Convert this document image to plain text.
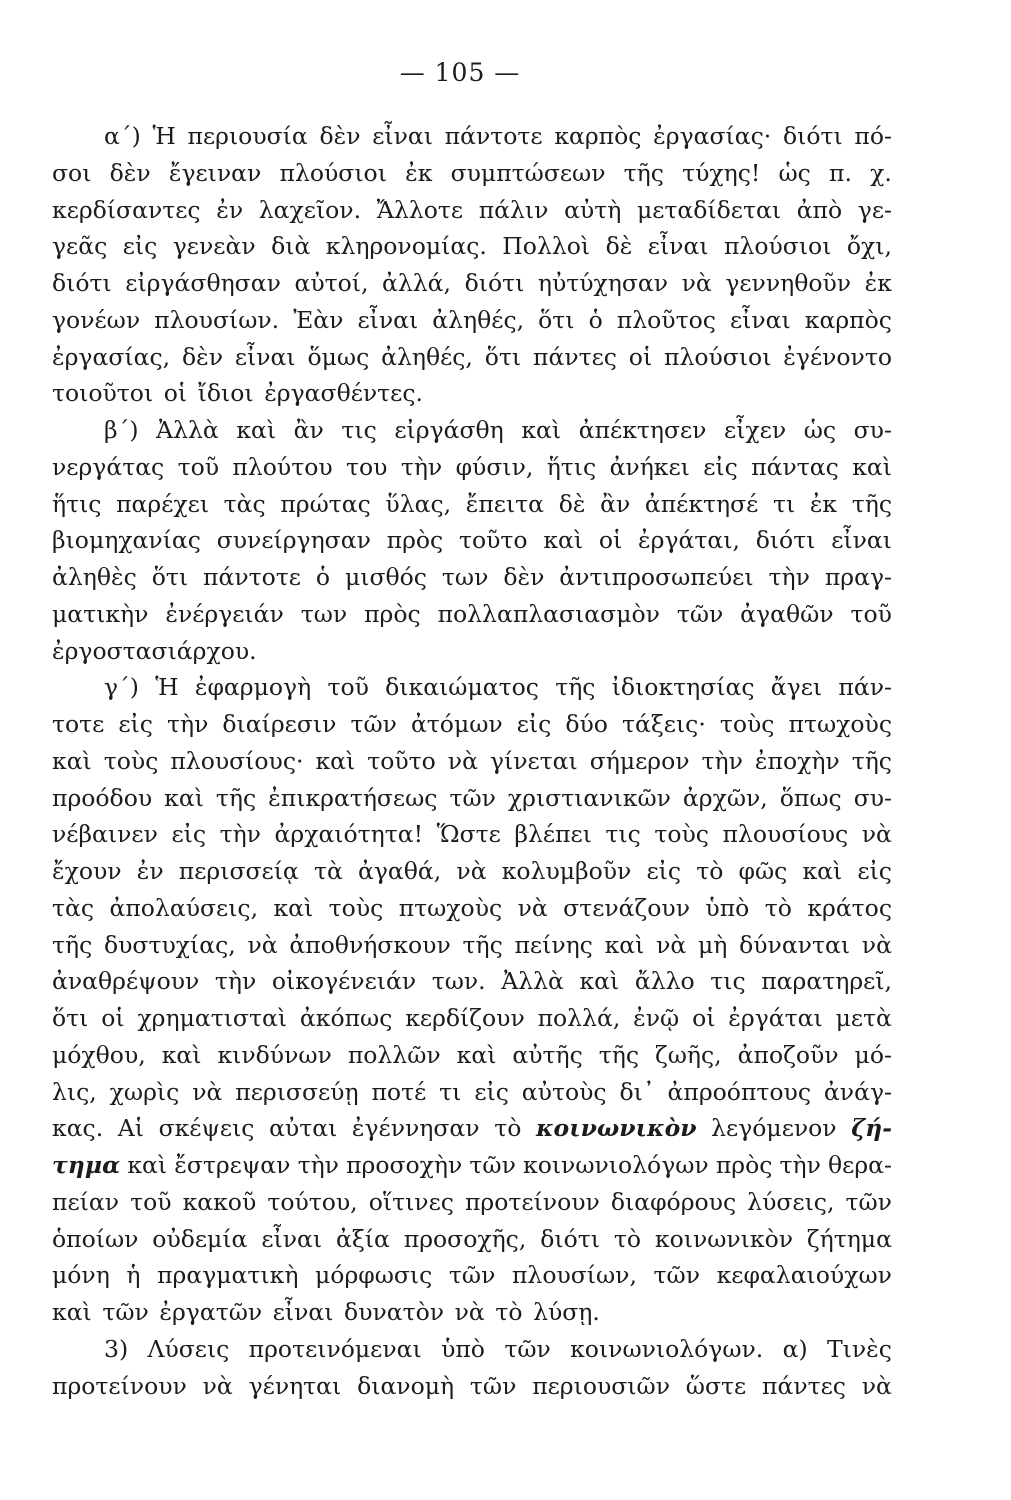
— 105 —
α΄) Ἡ περιουσία δὲν εἶναι πάντοτε καρπὸς ἐργασίας· διότι πό-
σοι δὲν ἔγειναν πλούσιοι ἐκ συμπτώσεων τῆς τύχης! ὡς π. χ.
κερδίσαντες ἐν λαχεῖον. Ἄλλοτε πάλιν αὐτὴ μεταδίδεται ἀπὸ γε-
γεᾶς εἰς γενεὰν διὰ κληρονομίας. Πολλοὶ δὲ εἶναι πλούσιοι ὄχι,
διότι εἰργάσθησαν αὐτοί, ἀλλά, διότι ηὐτύχησαν νὰ γεννηθοῦν ἐκ
γονέων πλουσίων. Ἐὰν εἶναι ἀληθές, ὅτι ὁ πλοῦτος εἶναι καρπὸς
ἐργασίας, δὲν εἶναι ὅμως ἀληθές, ὅτι πάντες οἱ πλούσιοι ἐγένοντο
τοιοῦτοι οἱ ἴδιοι ἐργασθέντες.
β΄) Ἀλλὰ καὶ ἂν τις εἰργάσθη καὶ ἀπέκτησεν εἶχεν ὡς συ-
νεργάτας τοῦ πλούτου του τὴν φύσιν, ἥτις ἀνήκει εἰς πάντας καὶ
ἥτις παρέχει τὰς πρώτας ὕλας, ἔπειτα δὲ ἂν ἀπέκτησέ τι ἐκ τῆς
βιομηχανίας συνείργησαν πρὸς τοῦτο καὶ οἱ ἐργάται, διότι εἶναι
ἀληθὲς ὅτι πάντοτε ὁ μισθός των δὲν ἀντιπροσωπεύει τὴν πραγ-
ματικὴν ἐνέργειάν των πρὸς πολλαπλασιασμὸν τῶν ἀγαθῶν τοῦ
ἐργοστασιάρχου.
γ΄) Ἡ ἐφαρμογὴ τοῦ δικαιώματος τῆς ἰδιοκτησίας ἄγει πάν-
τοτε εἰς τὴν διαίρεσιν τῶν ἀτόμων εἰς δύο τάξεις· τοὺς πτωχοὺς
καὶ τοὺς πλουσίους· καὶ τοῦτο νὰ γίνεται σήμερον τὴν ἐποχὴν τῆς
προόδου καὶ τῆς ἐπικρατήσεως τῶν χριστιανικῶν ἀρχῶν, ὅπως συ-
νέβαινεν εἰς τὴν ἀρχαιότητα! Ὥστε βλέπει τις τοὺς πλουσίους νὰ
ἔχουν ἐν περισσείᾳ τὰ ἀγαθά, νὰ κολυμβοῦν εἰς τὸ φῶς καὶ εἰς
τὰς ἀπολαύσεις, καὶ τοὺς πτωχοὺς νὰ στενάζουν ὑπὸ τὸ κράτος
τῆς δυστυχίας, νὰ ἀποθνήσκουν τῆς πείνης καὶ νὰ μὴ δύνανται νὰ
ἀναθρέψουν τὴν οἰκογένειάν των. Ἀλλὰ καὶ ἄλλο τις παρατηρεῖ,
ὅτι οἱ χρηματισταὶ ἀκόπως κερδίζουν πολλά, ἐνῷ οἱ ἐργάται μετὰ
μόχθου, καὶ κινδύνων πολλῶν καὶ αὐτῆς τῆς ζωῆς, ἀποζοῦν μό-
λις, χωρὶς νὰ περισσεύῃ ποτέ τι εἰς αὐτοὺς δι᾽ ἀπροόπτους ἀνάγ-
κας. Αἱ σκέψεις αὐται ἐγέννησαν τὸ κοινωνικὸν λεγόμενον ζή-
τημα καὶ ἔστρεψαν τὴν προσοχὴν τῶν κοινωνιολόγων πρὸς τὴν θερα-
πείαν τοῦ κακοῦ τούτου, οἵτινες προτείνουν διαφόρους λύσεις, τῶν
ὁποίων οὐδεμία εἶναι ἀξία προσοχῆς, διότι τὸ κοινωνικὸν ζήτημα
μόνη ἡ πραγματικὴ μόρφωσις τῶν πλουσίων, τῶν κεφαλαιούχων
καὶ τῶν ἐργατῶν εἶναι δυνατὸν νὰ τὸ λύσῃ.
3) Λύσεις προτεινόμεναι ὑπὸ τῶν κοινωνιολόγων. α) Τινὲς
προτείνουν νὰ γένηται διανομὴ τῶν περιουσιῶν ὥστε πάντες νὰ
